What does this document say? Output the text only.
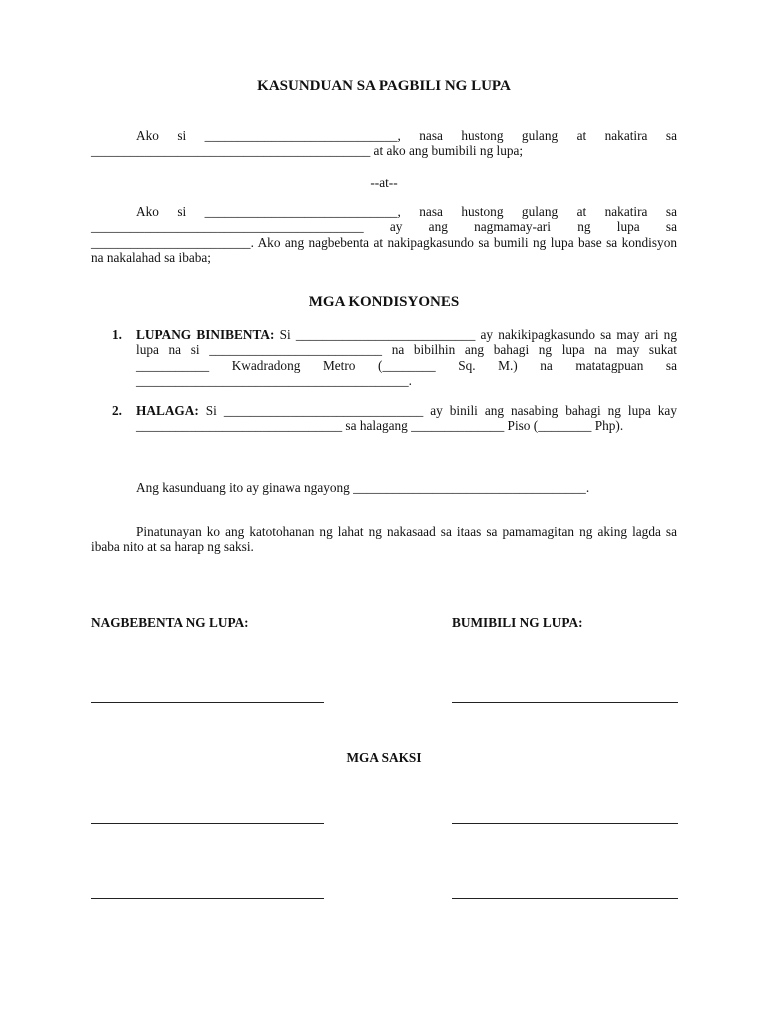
KASUNDUAN SA PAGBILI NG LUPA
Ako si _____________________________, nasa hustong gulang at nakatira sa __________________________________________ at ako ang bumibili ng lupa;
--at--
Ako si _____________________________, nasa hustong gulang at nakatira sa _________________________________________ ay ang nagmamay-ari ng lupa sa ________________________. Ako ang nagbebenta at nakipagkasundo sa bumili ng lupa base sa kondisyon na nakalahad sa ibaba;
MGA KONDISYONES
1. LUPANG BINIBENTA: Si ___________________________ ay nakikipagkasundo sa may ari ng lupa na si __________________________ na bibilhin ang bahagi ng lupa na may sukat ___________ Kwadradong Metro (________ Sq. M.) na matatagpuan sa _________________________________________.
2. HALAGA: Si ______________________________ ay binili ang nasabing bahagi ng lupa kay _______________________________ sa halagang ______________ Piso (________ Php).
Ang kasunduang ito ay ginawa ngayong ___________________________________.
Pinatunayan ko ang katotohanan ng lahat ng nakasaad sa itaas sa pamamagitan ng aking lagda sa ibaba nito at sa harap ng saksi.
NAGBEBENTA NG LUPA:	BUMIBILI NG LUPA:
MGA SAKSI
